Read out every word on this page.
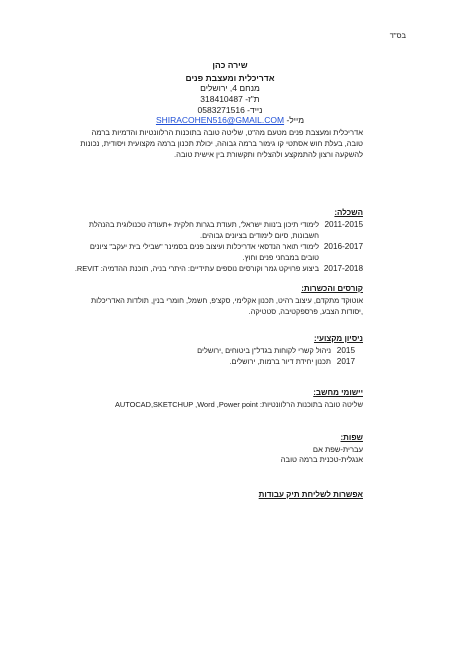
בס"ד
שירה כהן
אדריכלית ומעצבת פנים
מנחם 4, ירושלים
ת"ז- 318410487
נייד- 0583271516
מייל- SHIRACOHEN516@GMAIL.COM
אדריכלית ומעצבת פנים מטעם מה"ט, שליטה טובה בתוכנות הרלוונטיות והדמיות ברמה טובה, בעלת חוש אסתטי קו גימור ברמה גבוהה, יכולת תכנון ברמה מקצועית ויסודית, נכונות להשקעה ורצון להתמקצע ולהצליח ותקשורת בין אישית טובה.
השכלה:
2011-2015
לימודי תיכון ב'נוות ישראל', תעודת בגרות חלקית +תעודה טכנולוגית בהנהלת חשבונות, סיום לימודים בציונים גבוהים.
2016-2017
לימודי תואר הנדסאי אדריכלות ועיצוב פנים בסמינר "שבילי בית יעקב" ציונים טובים במבחני פנים וחוץ.
2017-2018
ביצוע פרויקט גמר וקורסים נוספים עתידיים: היתרי בניה, תוכנת ההדמיה: REVIT.
קורסים והכשרות:
אוטוקד מתקדם, עיצוב רהיט, תכנון אקלימי, סקצ'פ, חשמל, חומרי בנין, תולדות האדריכלות ,יסודות הצבע, פרספקטיבה, סטטיקה.
ניסיון מקצועי:
2015
ניהול קשרי לקוחות בגדל"ן ביטוחים ,ירושלים
2017
תכנון יחידת דיור ברמות, ירושלים.
יישומי מחשב:
שליטה טובה בתוכנות הרלוונטיות: AUTOCAD,SKETCHUP ,Word ,Power point
שפות:
עברית-שפת אם
אנגלית-טכנית ברמה טובה
אפשרות לשליחת תיק עבודות
